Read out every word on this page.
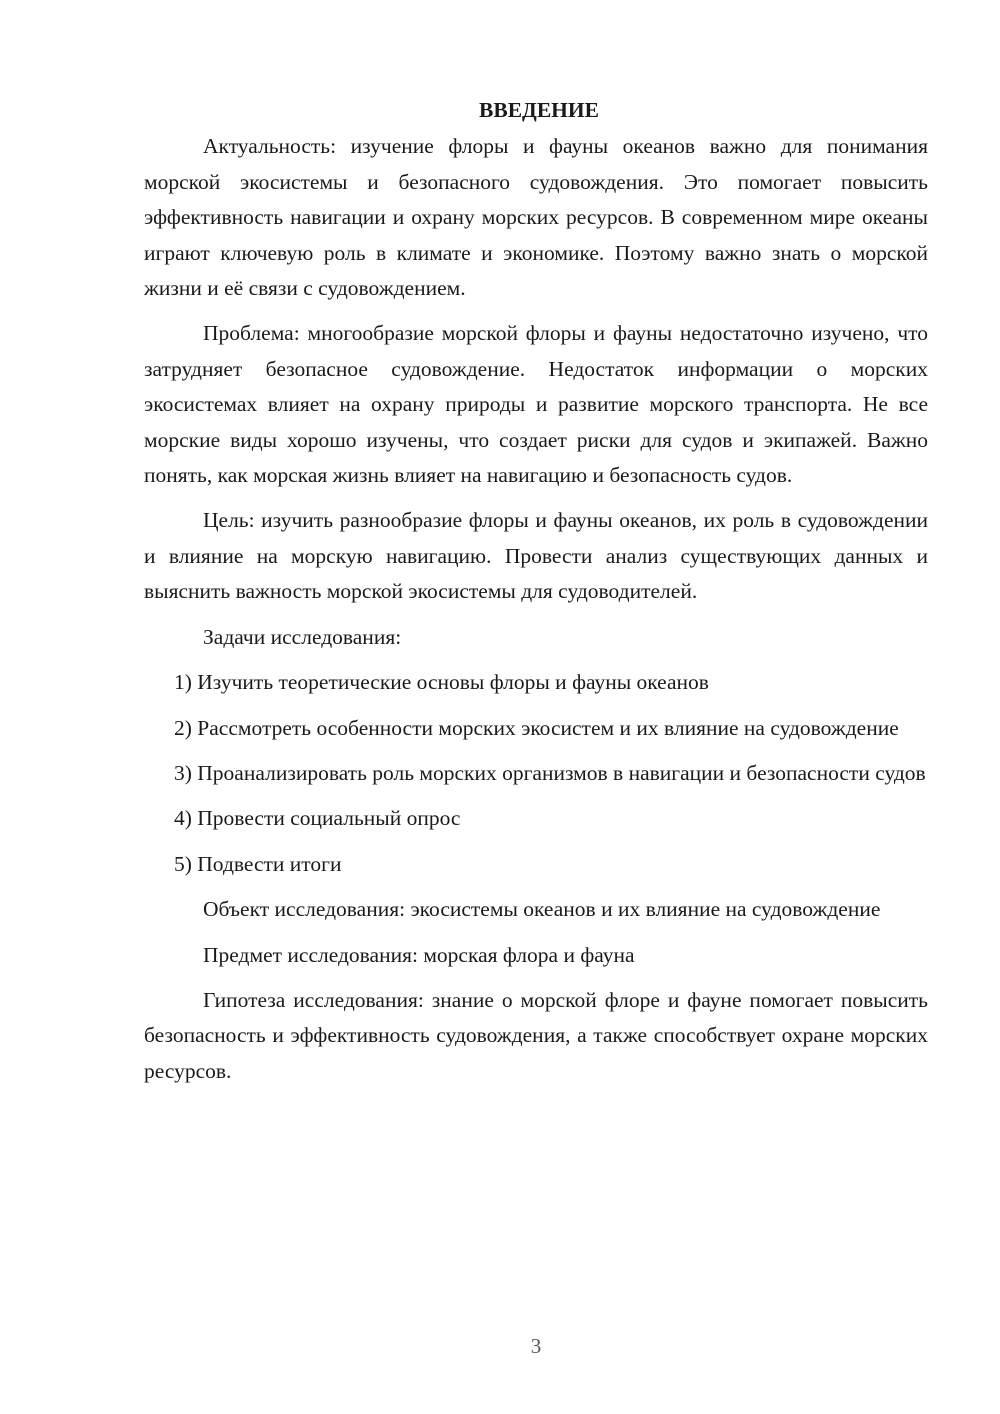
ВВЕДЕНИЕ

Актуальность: изучение флоры и фауны океанов важно для понимания морской экосистемы и безопасного судовождения. Это помогает повысить эффективность навигации и охрану морских ресурсов. В современном мире океаны играют ключевую роль в климате и экономике. Поэтому важно знать о морской жизни и её связи с судовождением.

Проблема: многообразие морской флоры и фауны недостаточно изучено, что затрудняет безопасное судовождение. Недостаток информации о морских экосистемах влияет на охрану природы и развитие морского транспорта. Не все морские виды хорошо изучены, что создает риски для судов и экипажей. Важно понять, как морская жизнь влияет на навигацию и безопасность судов.

Цель: изучить разнообразие флоры и фауны океанов, их роль в судовождении и влияние на морскую навигацию. Провести анализ существующих данных и выяснить важность морской экосистемы для судоводителей.

Задачи исследования:

1) Изучить теоретические основы флоры и фауны океанов

2) Рассмотреть особенности морских экосистем и их влияние на судовождение

3) Проанализировать роль морских организмов в навигации и безопасности судов

4) Провести социальный опрос

5) Подвести итоги

Объект исследования: экосистемы океанов и их влияние на судовождение

Предмет исследования: морская флора и фауна

Гипотеза исследования: знание о морской флоре и фауне помогает повысить безопасность и эффективность судовождения, а также способствует охране морских ресурсов.

3
